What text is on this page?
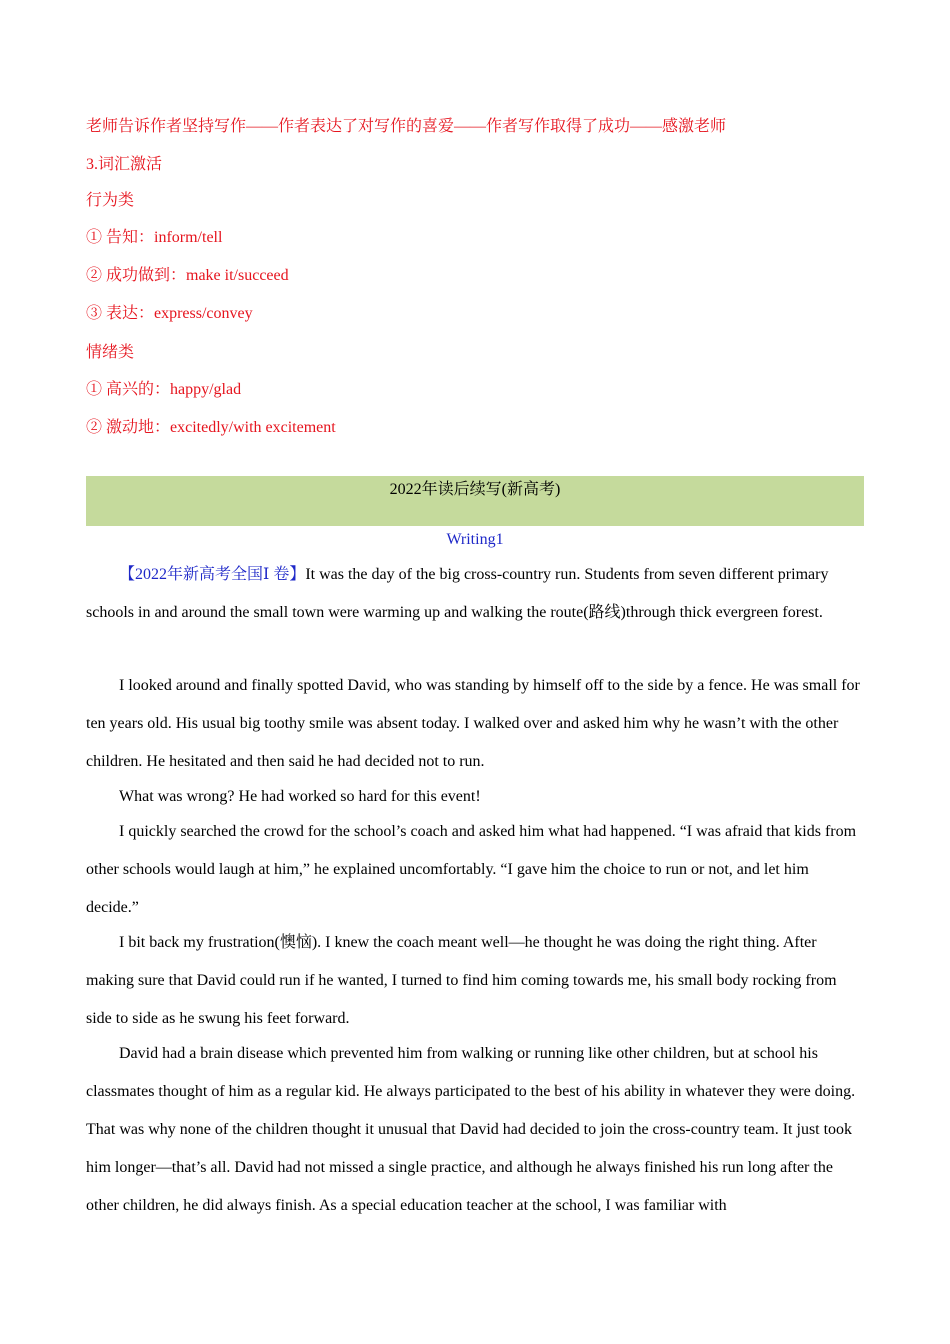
老师告诉作者坚持写作——作者表达了对写作的喜爱——作者写作取得了成功——感激老师
3.词汇激活
行为类
① 告知：inform/tell
② 成功做到：make it/succeed
③ 表达：express/convey
情绪类
① 高兴的：happy/glad
② 激动地：excitedly/with excitement
2022年读后续写(新高考)
Writing1
【2022年新高考全国Ⅰ 卷】It was the day of the big cross-country run. Students from seven different primary schools in and around the small town were warming up and walking the route(路线)through thick evergreen forest.
I looked around and finally spotted David, who was standing by himself off to the side by a fence. He was small for ten years old. His usual big toothy smile was absent today. I walked over and asked him why he wasn’t with the other children. He hesitated and then said he had decided not to run.
What was wrong? He had worked so hard for this event!
I quickly searched the crowd for the school’s coach and asked him what had happened. “I was afraid that kids from other schools would laugh at him,” he explained uncomfortably. “I gave him the choice to run or not, and let him decide.”
I bit back my frustration(懊恼). I knew the coach meant well—he thought he was doing the right thing. After making sure that David could run if he wanted, I turned to find him coming towards me, his small body rocking from side to side as he swung his feet forward.
David had a brain disease which prevented him from walking or running like other children, but at school his classmates thought of him as a regular kid. He always participated to the best of his ability in whatever they were doing. That was why none of the children thought it unusual that David had decided to join the cross-country team. It just took him longer—that’s all. David had not missed a single practice, and although he always finished his run long after the other children, he did always finish. As a special education teacher at the school, I was familiar with
